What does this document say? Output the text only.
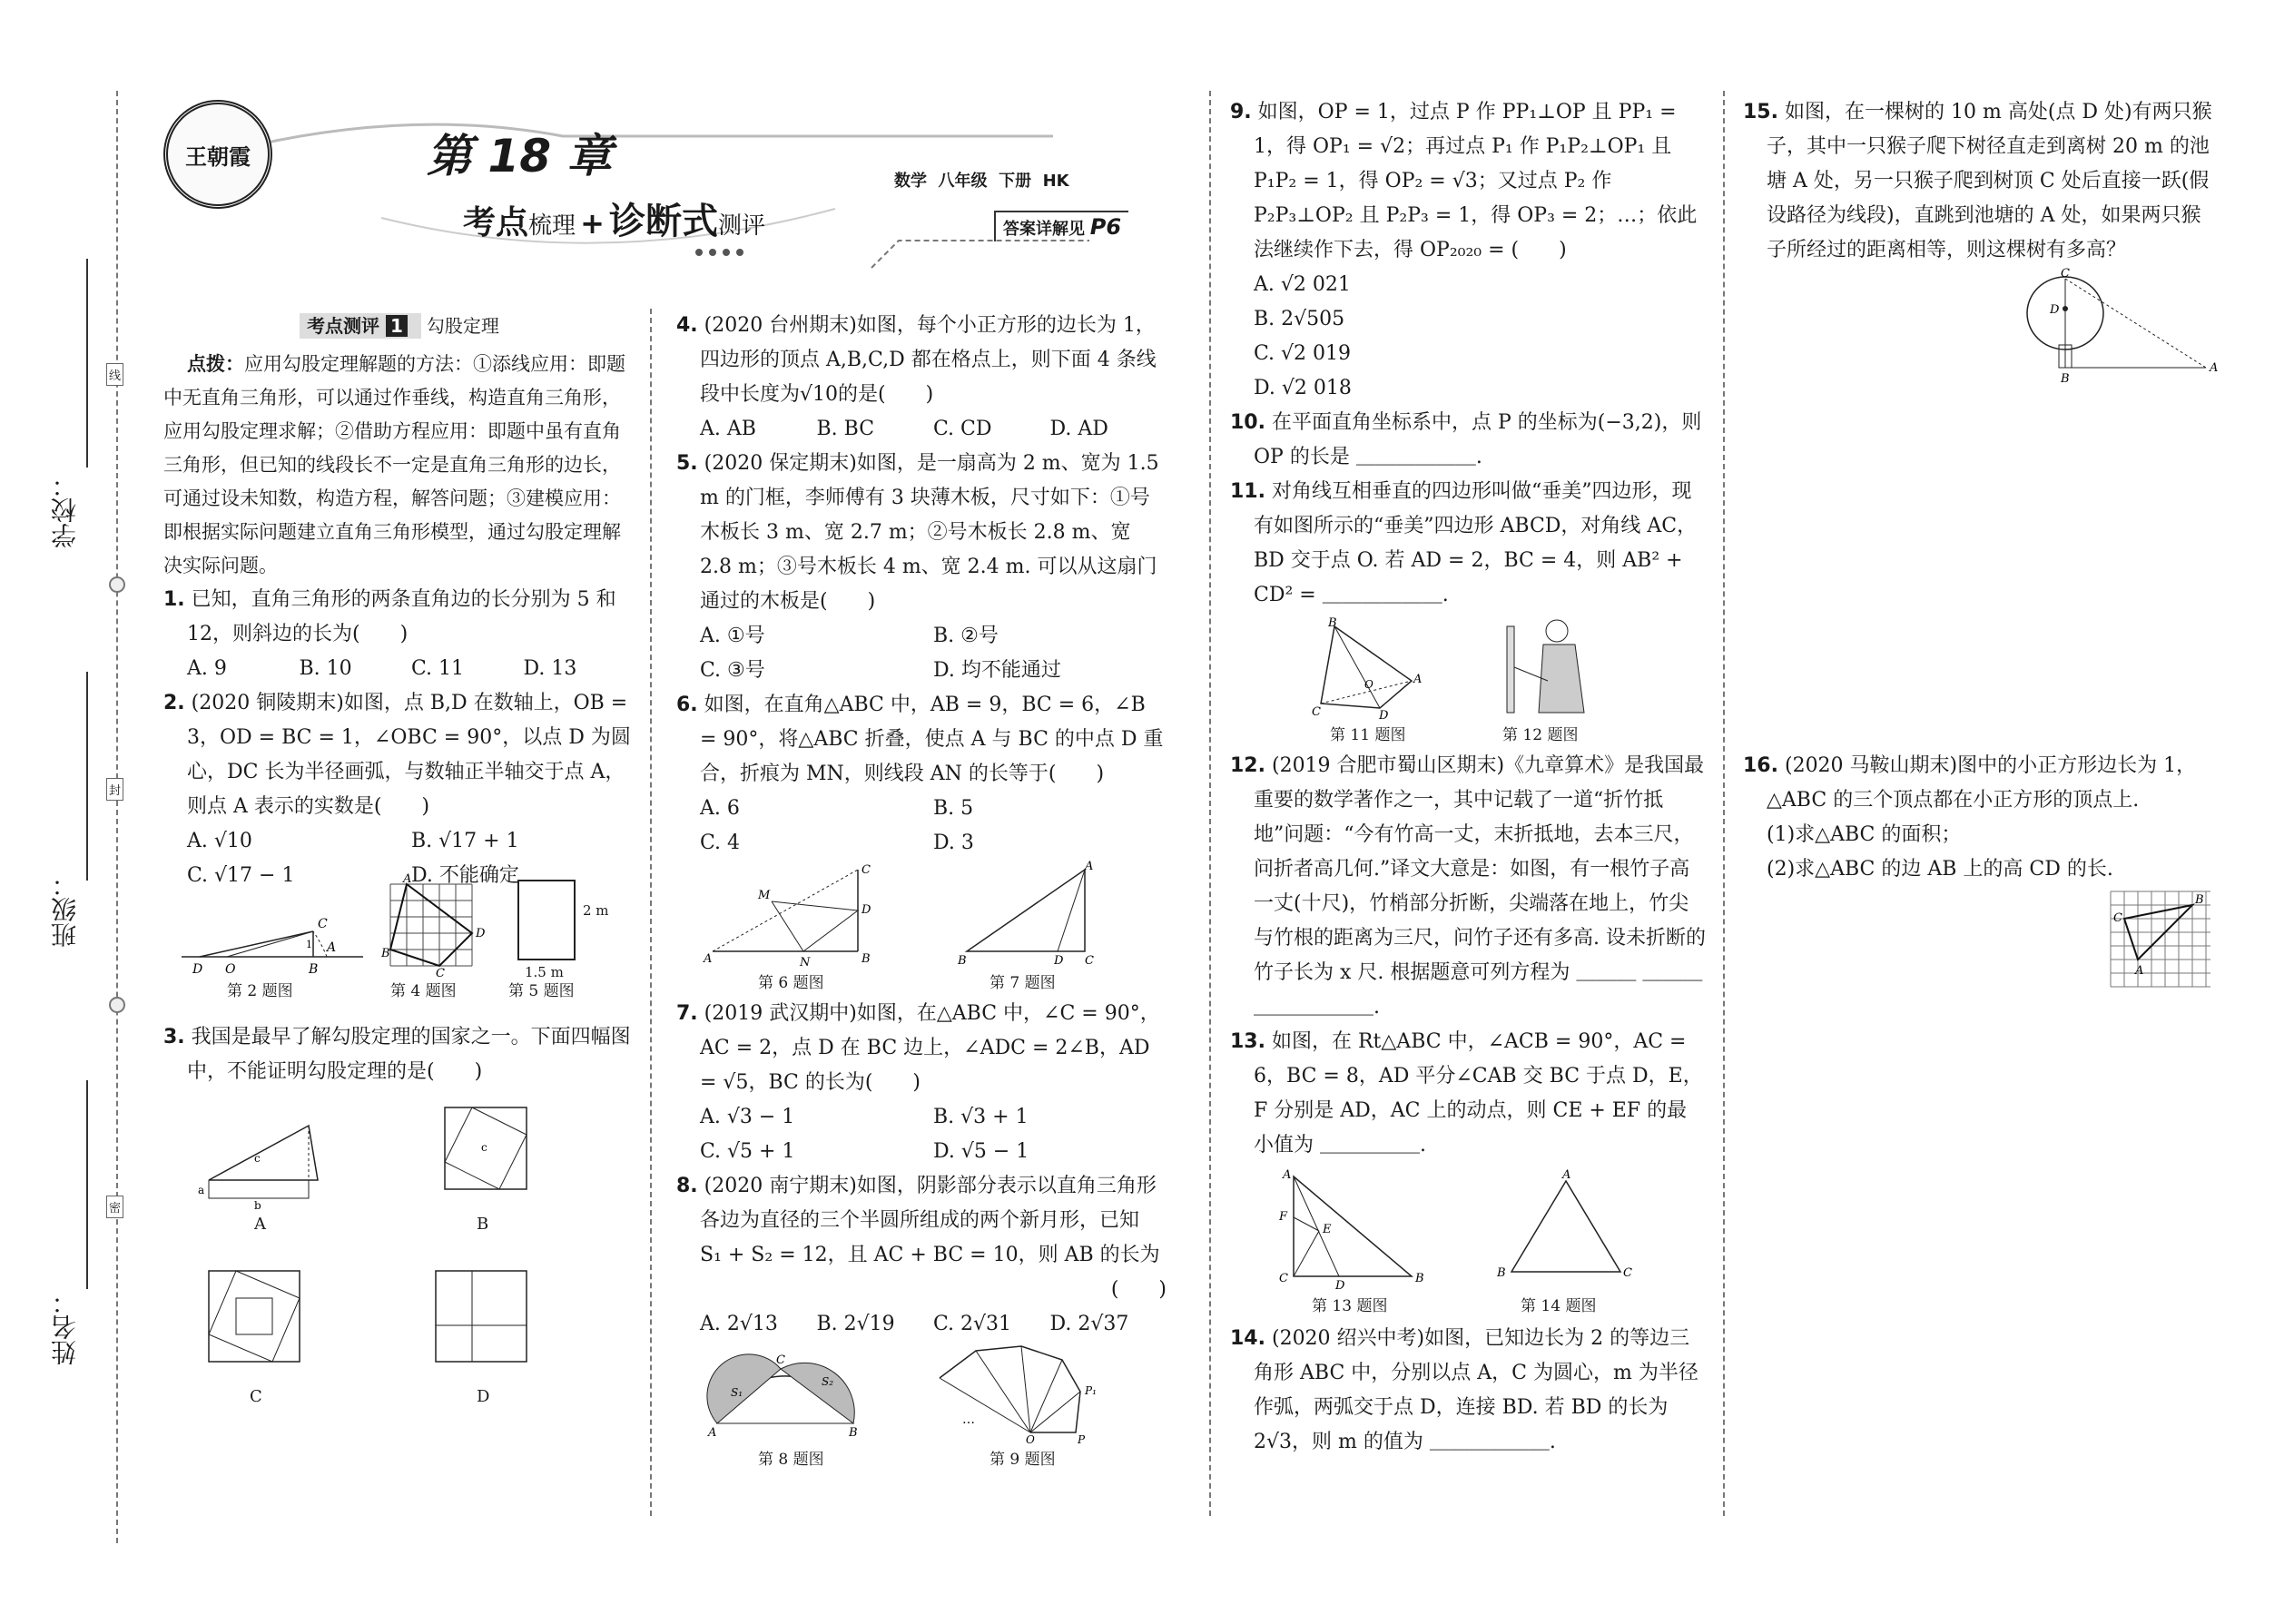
学校：
班级：
姓名：
线
封
密
王朝霞	第 18 章
考点梳理 + 诊断式测评
数学  八年级  下册  HK
答案详解见 P6
考点测评 1 勾股定理

点拨：应用勾股定理解题的方法：①添线应用：即题中无直角三角形，可以通过作垂线，构造直角三角形，应用勾股定理求解；②借助方程应用：即题中虽有直角三角形，但已知的线段长不一定是直角三角形的边长，可通过设未知数，构造方程，解答问题；③建模应用：即根据实际问题建立直角三角形模型，通过勾股定理解决实际问题。

1. 已知，直角三角形的两条直角边的长分别为 5 和 12，则斜边的长为(　　)

A. 9	B. 10	C. 11	D. 13

2. (2020 铜陵期末)如图，点 B,D 在数轴上，OB = 3，OD = BC = 1，∠OBC = 90°，以点 D 为圆心，DC 长为半径画弧，与数轴正半轴交于点 A，则点 A 表示的实数是(　　)

A. √10	B. √17 + 1
C. √17 − 1	D. 不能确定
D O	B
C
A
1
A
D
C
B
2 m
1.5 m
第 2 题图	第 4 题图	第 5 题图

3. 我国是最早了解勾股定理的国家之一。下面四幅图中，不能证明勾股定理的是(　　)

a
b
c
A
c
B
C	D

4. (2020 台州期末)如图，每个小正方形的边长为 1，四边形的顶点 A,B,C,D 都在格点上，则下面 4 条线段中长度为√10的是(　　)

A. AB	B. BC	C. CD	D. AD

5. (2020 保定期末)如图，是一扇高为 2 m、宽为 1.5 m 的门框，李师傅有 3 块薄木板，尺寸如下：①号木板长 3 m、宽 2.7 m；②号木板长 2.8 m、宽 2.8 m；③号木板长 4 m、宽 2.4 m. 可以从这扇门通过的木板是(　　)

A. ①号	B. ②号
C. ③号	D. 均不能通过

6. 如图，在直角△ABC 中，AB = 9，BC = 6，∠B = 90°，将△ABC 折叠，使点 A 与 BC 的中点 D 重合，折痕为 MN，则线段 AN 的长等于(　　)

A. 6	B. 5
C. 4	D. 3
A	B
C
D
M
N	B	D C
A
第 6 题图	第 7 题图

7. (2019 武汉期中)如图，在△ABC 中，∠C = 90°，AC = 2，点 D 在 BC 边上，∠ADC = 2∠B，AD = √5，BC 的长为(　　)

A. √3 − 1	B. √3 + 1
C. √5 + 1	D. √5 − 1

8. (2020 南宁期末)如图，阴影部分表示以直角三角形各边为直径的三个半圆所组成的两个新月形，已知 S₁ + S₂ = 12，且 AC + BC = 10，则 AB 的长为

(　　)

A. 2√13	B. 2√19	C. 2√31	D. 2√37
A	B
C
S₁
S₂
O	P
P₁
…
第 8 题图	第 9 题图

9. 如图，OP = 1，过点 P 作 PP₁⊥OP 且 PP₁ = 1，得 OP₁ = √2；再过点 P₁ 作 P₁P₂⊥OP₁ 且 P₁P₂ = 1，得 OP₂ = √3；又过点 P₂ 作 P₂P₃⊥OP₂ 且 P₂P₃ = 1，得 OP₃ = 2；…；依此法继续作下去，得 OP₂₀₂₀ = (　　)

A. √2 021
B. 2√505
C. √2 019
D. √2 018

10. 在平面直角坐标系中，点 P 的坐标为(−3,2)，则 OP 的长是 ＿＿＿＿＿＿.

11. 对角线互相垂直的四边形叫做“垂美”四边形，现有如图所示的“垂美”四边形 ABCD，对角线 AC，BD 交于点 O. 若 AD = 2，BC = 4，则 AB² + CD² = ＿＿＿＿＿＿.

B
A
C	D
O
第 11 题图	第 12 题图

12. (2019 合肥市蜀山区期末)《九章算术》是我国最重要的数学著作之一，其中记载了一道“折竹抵地”问题：“今有竹高一丈，末折抵地，去本三尺，问折者高几何.”译文大意是：如图，有一根竹子高一丈(十尺)，竹梢部分折断，尖端落在地上，竹尖与竹根的距离为三尺，问竹子还有多高. 设未折断的竹子长为 x 尺. 根据题意可列方程为 ＿＿＿ ＿＿＿＿＿＿＿＿＿.

13. 如图，在 Rt△ABC 中，∠ACB = 90°，AC = 6，BC = 8，AD 平分∠CAB 交 BC 于点 D，E，F 分别是 AD，AC 上的动点，则 CE + EF 的最小值为 ＿＿＿＿＿.

A
C	B
D
F
E
A
B	C
第 13 题图	第 14 题图

14. (2020 绍兴中考)如图，已知边长为 2 的等边三角形 ABC 中，分别以点 A，C 为圆心，m 为半径作弧，两弧交于点 D，连接 BD. 若 BD 的长为 2√3，则 m 的值为 ＿＿＿＿＿＿.

15. 如图，在一棵树的 10 m 高处(点 D 处)有两只猴子，其中一只猴子爬下树径直走到离树 20 m 的池塘 A 处，另一只猴子爬到树顶 C 处后直接一跃(假设路径为线段)，直跳到池塘的 A 处，如果两只猴子所经过的距离相等，则这棵树有多高？

C
D
B
A

16. (2020 马鞍山期末)图中的小正方形边长为 1，△ABC 的三个顶点都在小正方形的顶点上.

(1)求△ABC 的面积；

(2)求△ABC 的边 AB 上的高 CD 的长.

B
C
A
